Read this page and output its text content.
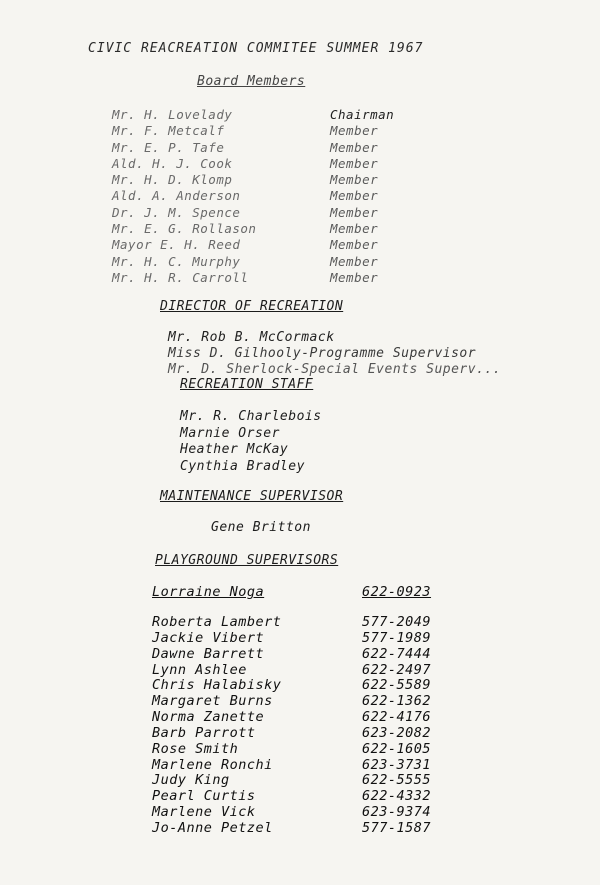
CIVIC REACREATION COMMITEE SUMMER 1967
Board Members
Mr. H. Lovelady	Chairman
Mr. F. Metcalf	Member
Mr. E. P. Tafe	Member
Ald. H. J. Cook	Member
Mr. H. D. Klomp	Member
Ald. A. Anderson	Member
Dr. J. M. Spence	Member
Mr. E. G. Rollason	Member
Mayor E. H. Reed	Member
Mr. H. C. Murphy	Member
Mr. H. R. Carroll	Member
DIRECTOR OF RECREATION
Mr. Rob B. McCormack
Miss D. Gilhooly-Programme Supervisor
Mr. D. Sherlock-Special Events Superv...
RECREATION STAFF
Mr. R. Charlebois
Marnie Orser
Heather McKay
Cynthia Bradley
MAINTENANCE SUPERVISOR
Gene Britton
PLAYGROUND SUPERVISORS
Lorraine Noga	622-0923
Roberta Lambert	577-2049
Jackie Vibert	577-1989
Dawne Barrett	622-7444
Lynn Ashlee	622-2497
Chris Halabisky	622-5589
Margaret Burns	622-1362
Norma Zanette	622-4176
Barb Parrott	623-2082
Rose Smith	622-1605
Marlene Ronchi	623-3731
Judy King	622-5555
Pearl Curtis	622-4332
Marlene Vick	623-9374
Jo-Anne Petzel	577-1587
